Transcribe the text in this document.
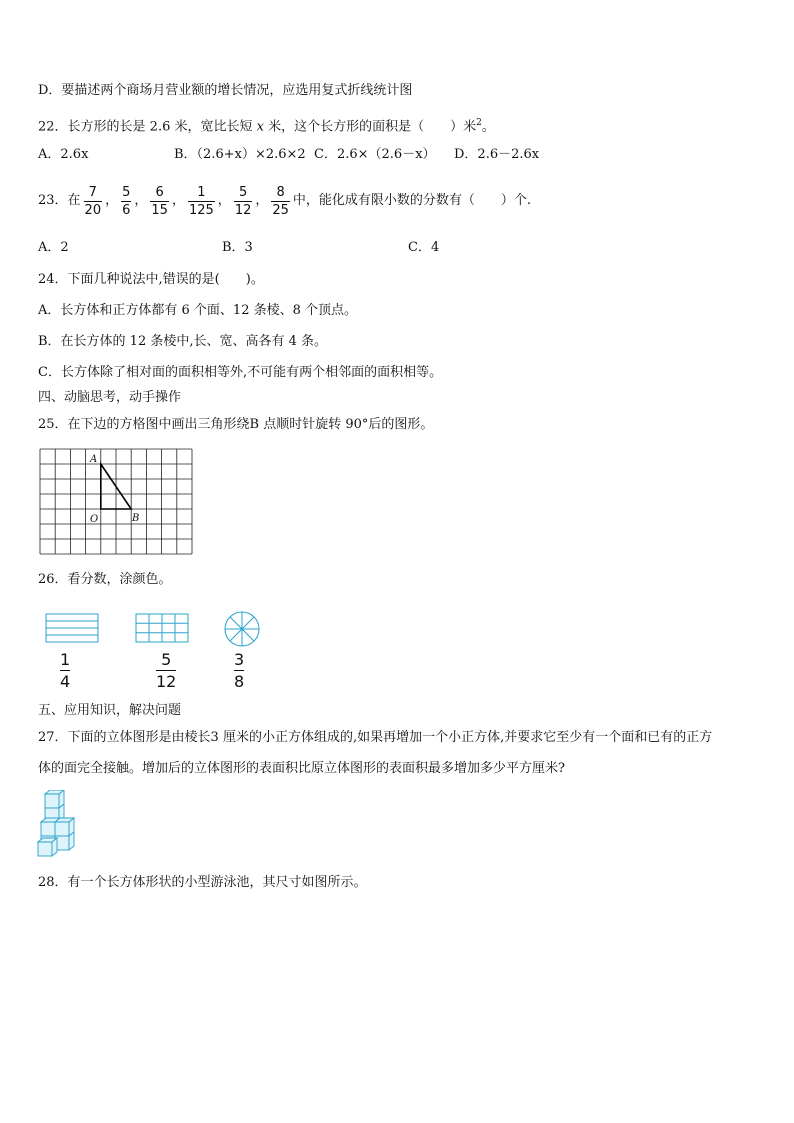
D．要描述两个商场月营业额的增长情况，应选用复式折线统计图
22．长方形的长是 2.6 米，宽比长短 x 米，这个长方形的面积是（　　）米$^2$。
A．2.6x	B．（2.6+x）×2.6×2 C．2.6×（2.6－x） D．2.6－2.6x
23．在 $\frac{7}{20}$ ， $\frac{5}{6}$ ， $\frac{6}{15}$ ， $\frac{1}{125}$ ， $\frac{5}{12}$ ， $\frac{8}{25}$ 中，能化成有限小数的分数有（　　）个.
A．2	B．3	C．4
24．下面几种说法中,错误的是(　　)。
A．长方体和正方体都有 6 个面、12 条棱、8 个顶点。
B．在长方体的 12 条棱中,长、宽、高各有 4 条。
C．长方体除了相对面的面积相等外,不可能有两个相邻面的面积相等。
四、动脑思考，动手操作
25．在下边的方格图中画出三角形绕B 点顺时针旋转 90°后的图形。
A
O	B
26．看分数，涂颜色。
1
4
5
12
3
8
五、应用知识，解决问题
27．下面的立体图形是由棱长3 厘米的小正方体组成的,如果再增加一个小正方体,并要求它至少有一个面和已有的正方
体的面完全接触。增加后的立体图形的表面积比原立体图形的表面积最多增加多少平方厘米?
28．有一个长方体形状的小型游泳池，其尺寸如图所示。
